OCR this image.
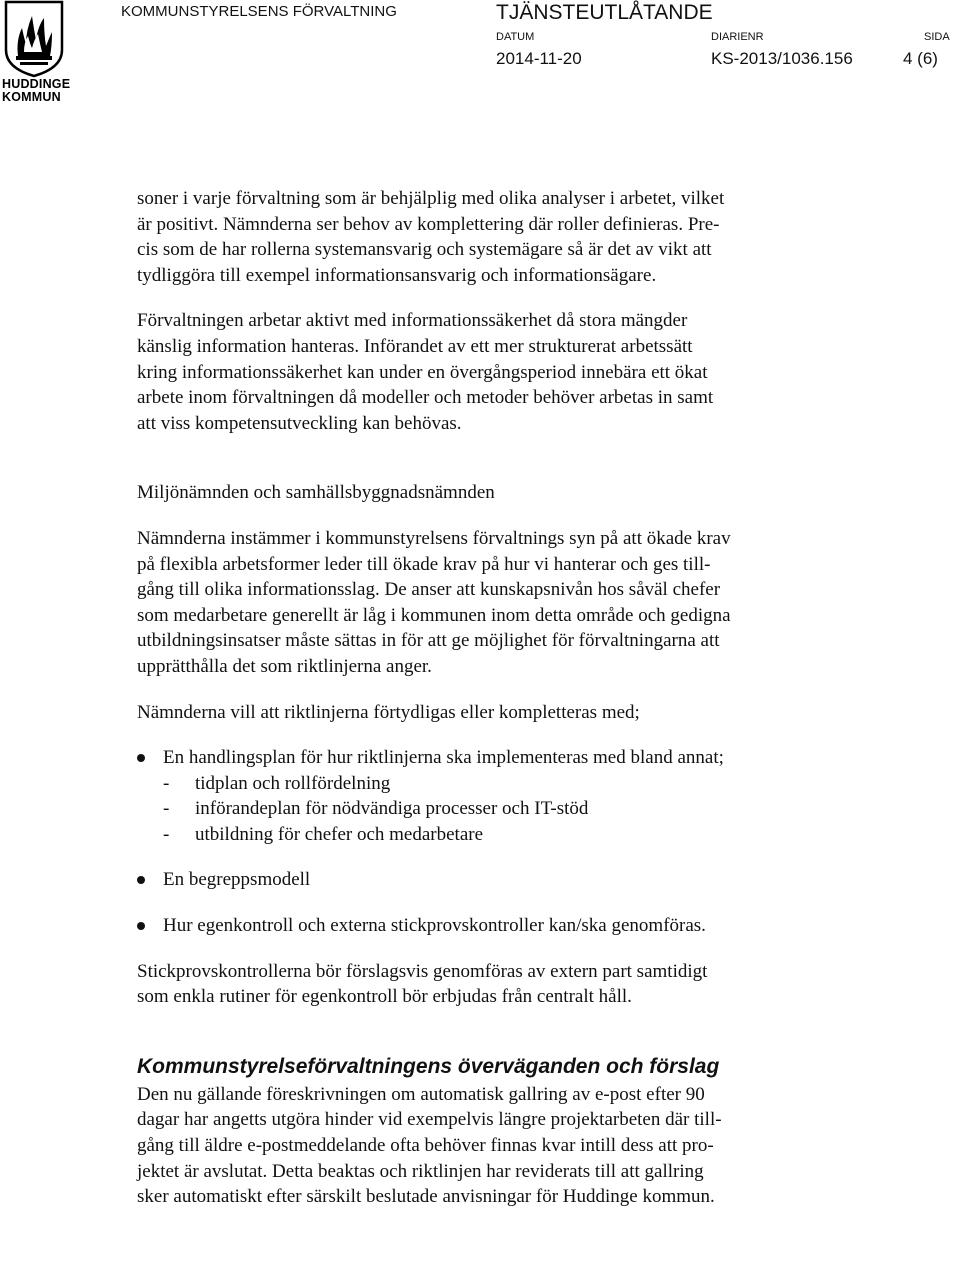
HUDDINGE
KOMMUN
KOMMUNSTYRELSENS FÖRVALTNING	TJÄNSTEUTLÅTANDE
DATUM	DIARIENR	SIDA
2014-11-20	KS-2013/1036.156	4 (6)

soner i varje förvaltning som är behjälplig med olika analyser i arbetet, vilket
är positivt. Nämnderna ser behov av komplettering där roller definieras. Pre-
cis som de har rollerna systemansvarig och systemägare så är det av vikt att
tydliggöra till exempel informationsansvarig och informationsägare.

Förvaltningen arbetar aktivt med informationssäkerhet då stora mängder
känslig information hanteras. Införandet av ett mer strukturerat arbetssätt
kring informationssäkerhet kan under en övergångsperiod innebära ett ökat
arbete inom förvaltningen då modeller och metoder behöver arbetas in samt
att viss kompetensutveckling kan behövas.

Miljönämnden och samhällsbyggnadsnämnden

Nämnderna instämmer i kommunstyrelsens förvaltnings syn på att ökade krav
på flexibla arbetsformer leder till ökade krav på hur vi hanterar och ges till-
gång till olika informationsslag. De anser att kunskapsnivån hos såväl chefer
som medarbetare generellt är låg i kommunen inom detta område och gedigna
utbildningsinsatser måste sättas in för att ge möjlighet för förvaltningarna att
upprätthålla det som riktlinjerna anger.

Nämnderna vill att riktlinjerna förtydligas eller kompletteras med;

En handlingsplan för hur riktlinjerna ska implementeras med bland annat;
- tidplan och rollfördelning
- införandeplan för nödvändiga processer och IT-stöd
- utbildning för chefer och medarbetare
En begreppsmodell
Hur egenkontroll och externa stickprovskontroller kan/ska genomföras.

Stickprovskontrollerna bör förslagsvis genomföras av extern part samtidigt
som enkla rutiner för egenkontroll bör erbjudas från centralt håll.

Kommunstyrelseförvaltningens överväganden och förslag

Den nu gällande föreskrivningen om automatisk gallring av e-post efter 90
dagar har angetts utgöra hinder vid exempelvis längre projektarbeten där till-
gång till äldre e-postmeddelande ofta behöver finnas kvar intill dess att pro-
jektet är avslutat. Detta beaktas och riktlinjen har reviderats till att gallring
sker automatiskt efter särskilt beslutade anvisningar för Huddinge kommun.
